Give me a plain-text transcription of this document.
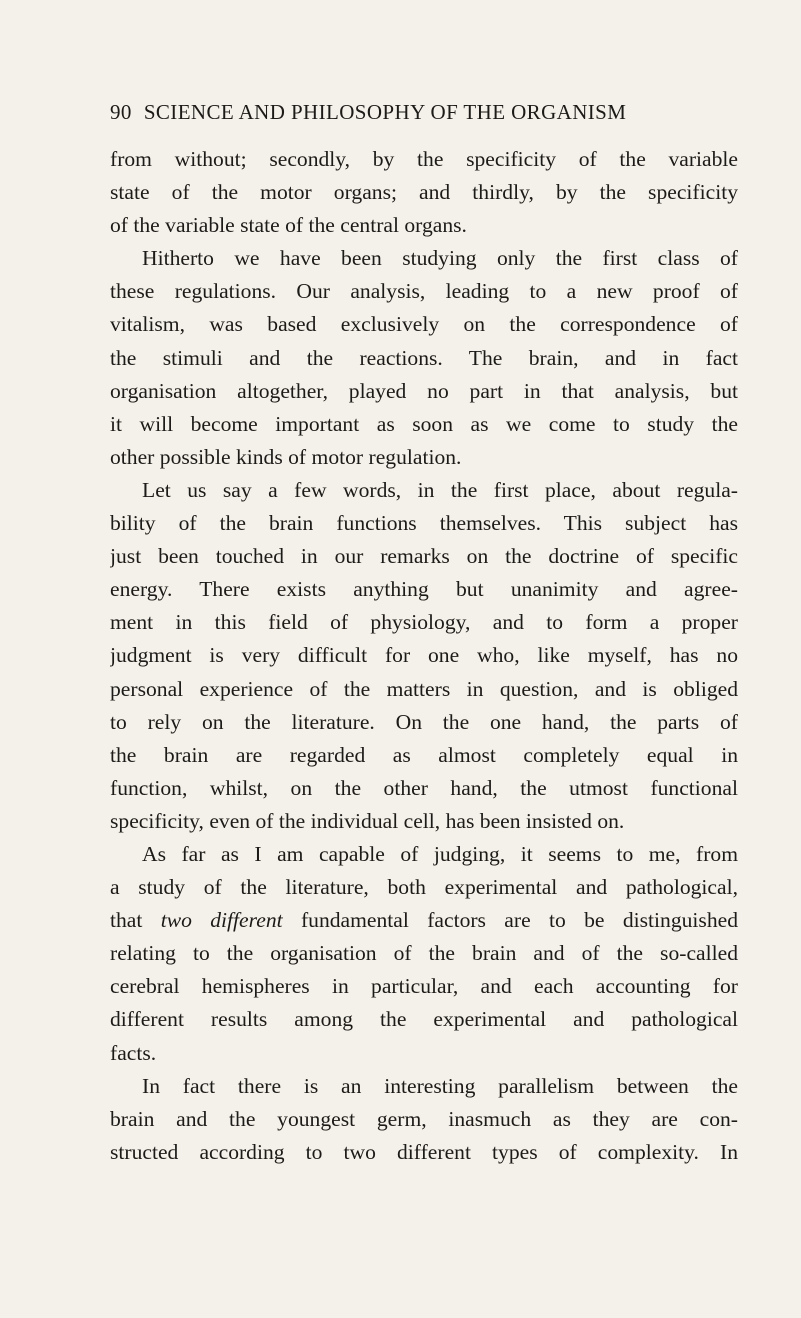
90 SCIENCE AND PHILOSOPHY OF THE ORGANISM
from without; secondly, by the specificity of the variable
state of the motor organs; and thirdly, by the specificity
of the variable state of the central organs.
Hitherto we have been studying only the first class of
these regulations. Our analysis, leading to a new proof of
vitalism, was based exclusively on the correspondence of
the stimuli and the reactions. The brain, and in fact
organisation altogether, played no part in that analysis, but
it will become important as soon as we come to study the
other possible kinds of motor regulation.
Let us say a few words, in the first place, about regula-
bility of the brain functions themselves. This subject has
just been touched in our remarks on the doctrine of specific
energy. There exists anything but unanimity and agree-
ment in this field of physiology, and to form a proper
judgment is very difficult for one who, like myself, has no
personal experience of the matters in question, and is obliged
to rely on the literature. On the one hand, the parts of
the brain are regarded as almost completely equal in
function, whilst, on the other hand, the utmost functional
specificity, even of the individual cell, has been insisted on.
As far as I am capable of judging, it seems to me, from
a study of the literature, both experimental and pathological,
that two different fundamental factors are to be distinguished
relating to the organisation of the brain and of the so-called
cerebral hemispheres in particular, and each accounting for
different results among the experimental and pathological
facts.
In fact there is an interesting parallelism between the
brain and the youngest germ, inasmuch as they are con-
structed according to two different types of complexity. In
